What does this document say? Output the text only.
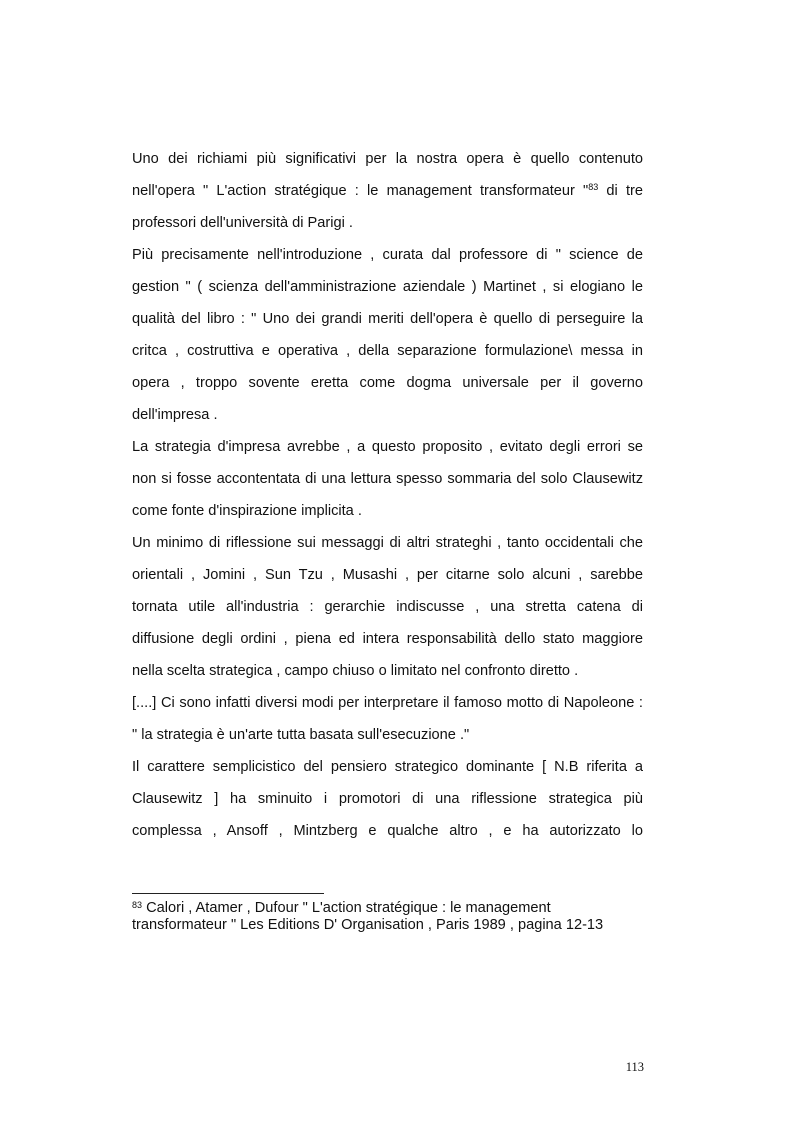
Uno dei richiami più significativi per la nostra opera è quello contenuto
nell'opera " L'action stratégique : le management transformateur "$^{83}$ di tre
professori dell'università di Parigi .

Più precisamente nell'introduzione , curata dal professore di " science de
gestion " ( scienza dell'amministrazione aziendale ) Martinet , si elogiano le
qualità del libro : " Uno dei grandi meriti dell'opera è quello di perseguire la
critca , costruttiva e operativa , della separazione formulazione\ messa in
opera , troppo sovente eretta come dogma universale per il governo
dell'impresa .

La strategia d'impresa avrebbe , a questo proposito , evitato degli errori se
non si fosse accontentata di una lettura spesso sommaria del solo Clausewitz
come fonte d'inspirazione implicita .

Un minimo di riflessione sui messaggi di altri strateghi , tanto occidentali che
orientali , Jomini , Sun Tzu , Musashi , per citarne solo alcuni , sarebbe
tornata utile all'industria : gerarchie indiscusse , una stretta catena di
diffusione degli ordini , piena ed intera responsabilità dello stato maggiore
nella scelta strategica , campo chiuso o limitato nel confronto diretto .

[....] Ci sono infatti diversi modi per interpretare il famoso motto di Napoleone :
" la strategia è un'arte tutta basata sull'esecuzione ."

Il carattere semplicistico del pensiero strategico dominante [ N.B riferita a
Clausewitz ] ha sminuito i promotori di una riflessione strategica più
complessa , Ansoff , Mintzberg e qualche altro , e ha autorizzato lo

$^{83}$ Calori , Atamer , Dufour " L'action stratégique : le management
transformateur " Les Editions D' Organisation , Paris 1989 , pagina 12-13

113
